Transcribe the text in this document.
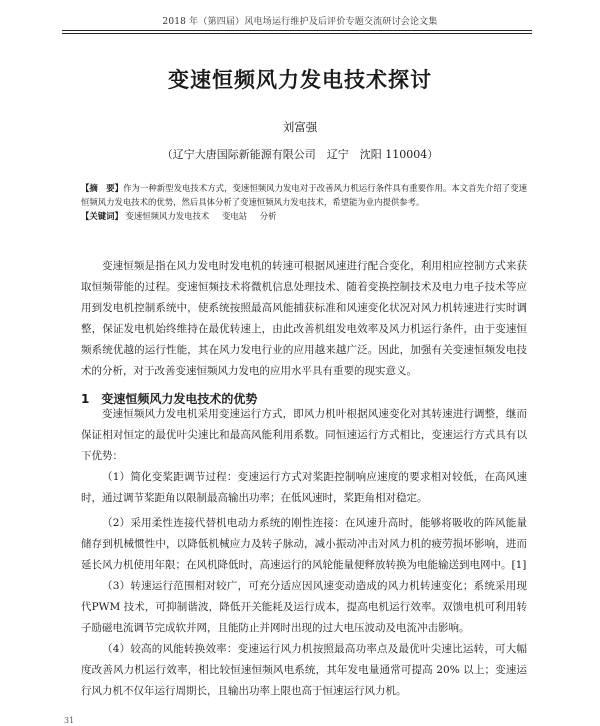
2018 年（第四届）风电场运行维护及后评价专题交流研讨会论文集
变速恒频风力发电技术探讨
刘富强
（辽宁大唐国际新能源有限公司　辽宁　沈阳 110004）
【摘　要】作为一种新型发电技术方式，变速恒频风力发电对于改善风力机运行条件具有重要作用。本文首先介绍了变速恒频风力发电技术的优势，然后具体分析了变速恒频风力发电技术，希望能为业内提供参考。
【关键词】 变速恒频风力发电技术 变电站 分析

变速恒频是指在风力发电时发电机的转速可根据风速进行配合变化，利用相应控制方式来获取恒频带能的过程。变速恒频技术将微机信息处理技术、随着变换控制技术及电力电子技术等应用到发电机控制系统中，使系统按照最高风能捕获标准和风速变化状况对风力机转速进行实时调整，保证发电机始终维持在最优转速上，由此改善机组发电效率及风力机运行条件，由于变速恒频系统优越的运行性能，其在风力发电行业的应用越来越广泛。因此，加强有关变速恒频发电技术的分析，对于改善变速恒频风力发电的应用水平具有重要的现实意义。

1 变速恒频风力发电技术的优势

变速恒频风力发电机采用变速运行方式，即风力机叶根据风速变化对其转速进行调整，继而保证相对恒定的最优叶尖速比和最高风能利用系数。同恒速运行方式相比，变速运行方式具有以下优势：

（1）简化变桨距调节过程：变速运行方式对桨距控制响应速度的要求相对较低，在高风速时，通过调节桨距角以限制最高输出功率；在低风速时，桨距角相对稳定。

（2）采用柔性连接代替机电动力系统的刚性连接：在风速升高时，能够将吸收的阵风能量储存到机械惯性中，以降低机械应力及转子脉动，减小振动冲击对风力机的疲劳损坏影响，进而延长风力机使用年限；在风机降低时，高速运行的风轮能量便释放转换为电能输送到电网中。[1]

（3）转速运行范围相对较广，可充分适应因风速变动造成的风力机转速变化；系统采用现代PWM 技术，可抑制谐波，降低开关能耗及运行成本，提高电机运行效率。双馈电机可利用转子励磁电流调节完成软并网，且能防止并网时出现的过大电压波动及电流冲击影响。

（4）较高的风能转换效率：变速运行风力机按照最高功率点及最优叶尖速比运转，可大幅度改善风力机运行效率，相比较恒速恒频风电系统，其年发电量通常可提高 20% 以上；变速运行风力机不仅年运行周期长，且输出功率上限也高于恒速运行风力机。

31
